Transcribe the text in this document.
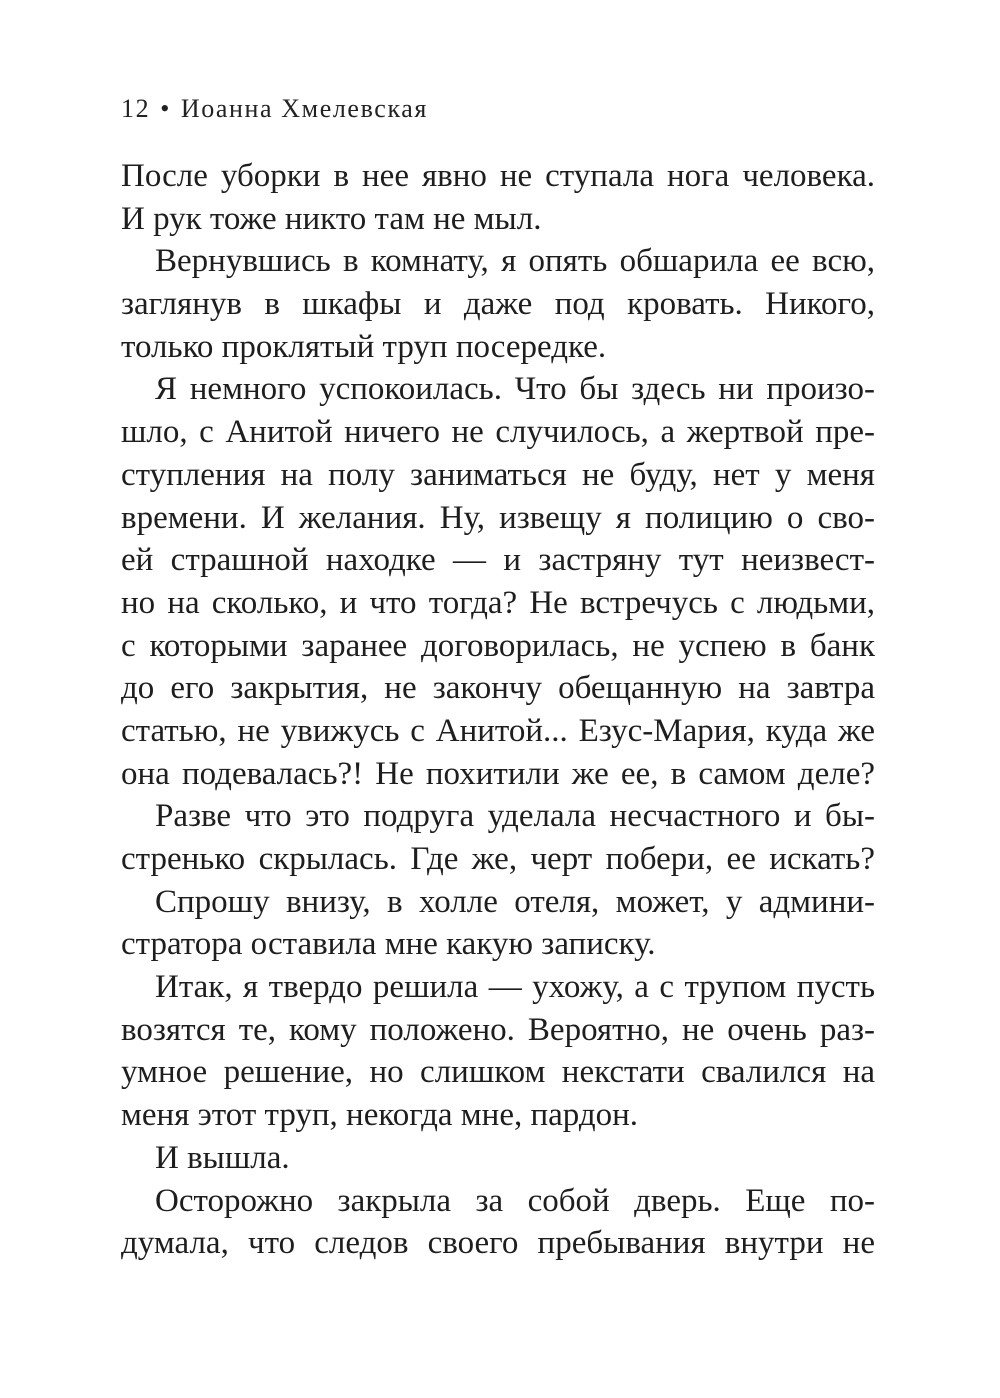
12 • Иоанна Хмелевская
После уборки в нее явно не ступала нога человека.
И рук тоже никто там не мыл.
Вернувшись в комнату, я опять обшарила ее всю,
заглянув в шкафы и даже под кровать. Никого,
только проклятый труп посередке.
Я немного успокоилась. Что бы здесь ни произо-
шло, с Анитой ничего не случилось, а жертвой пре-
ступления на полу заниматься не буду, нет у меня
времени. И желания. Ну, извещу я полицию о сво-
ей страшной находке — и застряну тут неизвест-
но на сколько, и что тогда? Не встречусь с людьми,
с которыми заранее договорилась, не успею в банк
до его закрытия, не закончу обещанную на завтра
статью, не увижусь с Анитой... Езус-Мария, куда же
она подевалась?! Не похитили же ее, в самом деле?
Разве что это подруга уделала несчастного и бы-
стренько скрылась. Где же, черт побери, ее искать?
Спрошу внизу, в холле отеля, может, у админи-
стратора оставила мне какую записку.
Итак, я твердо решила — ухожу, а с трупом пусть
возятся те, кому положено. Вероятно, не очень раз-
умное решение, но слишком некстати свалился на
меня этот труп, некогда мне, пардон.
И вышла.
Осторожно закрыла за собой дверь. Еще по-
думала, что следов своего пребывания внутри не
